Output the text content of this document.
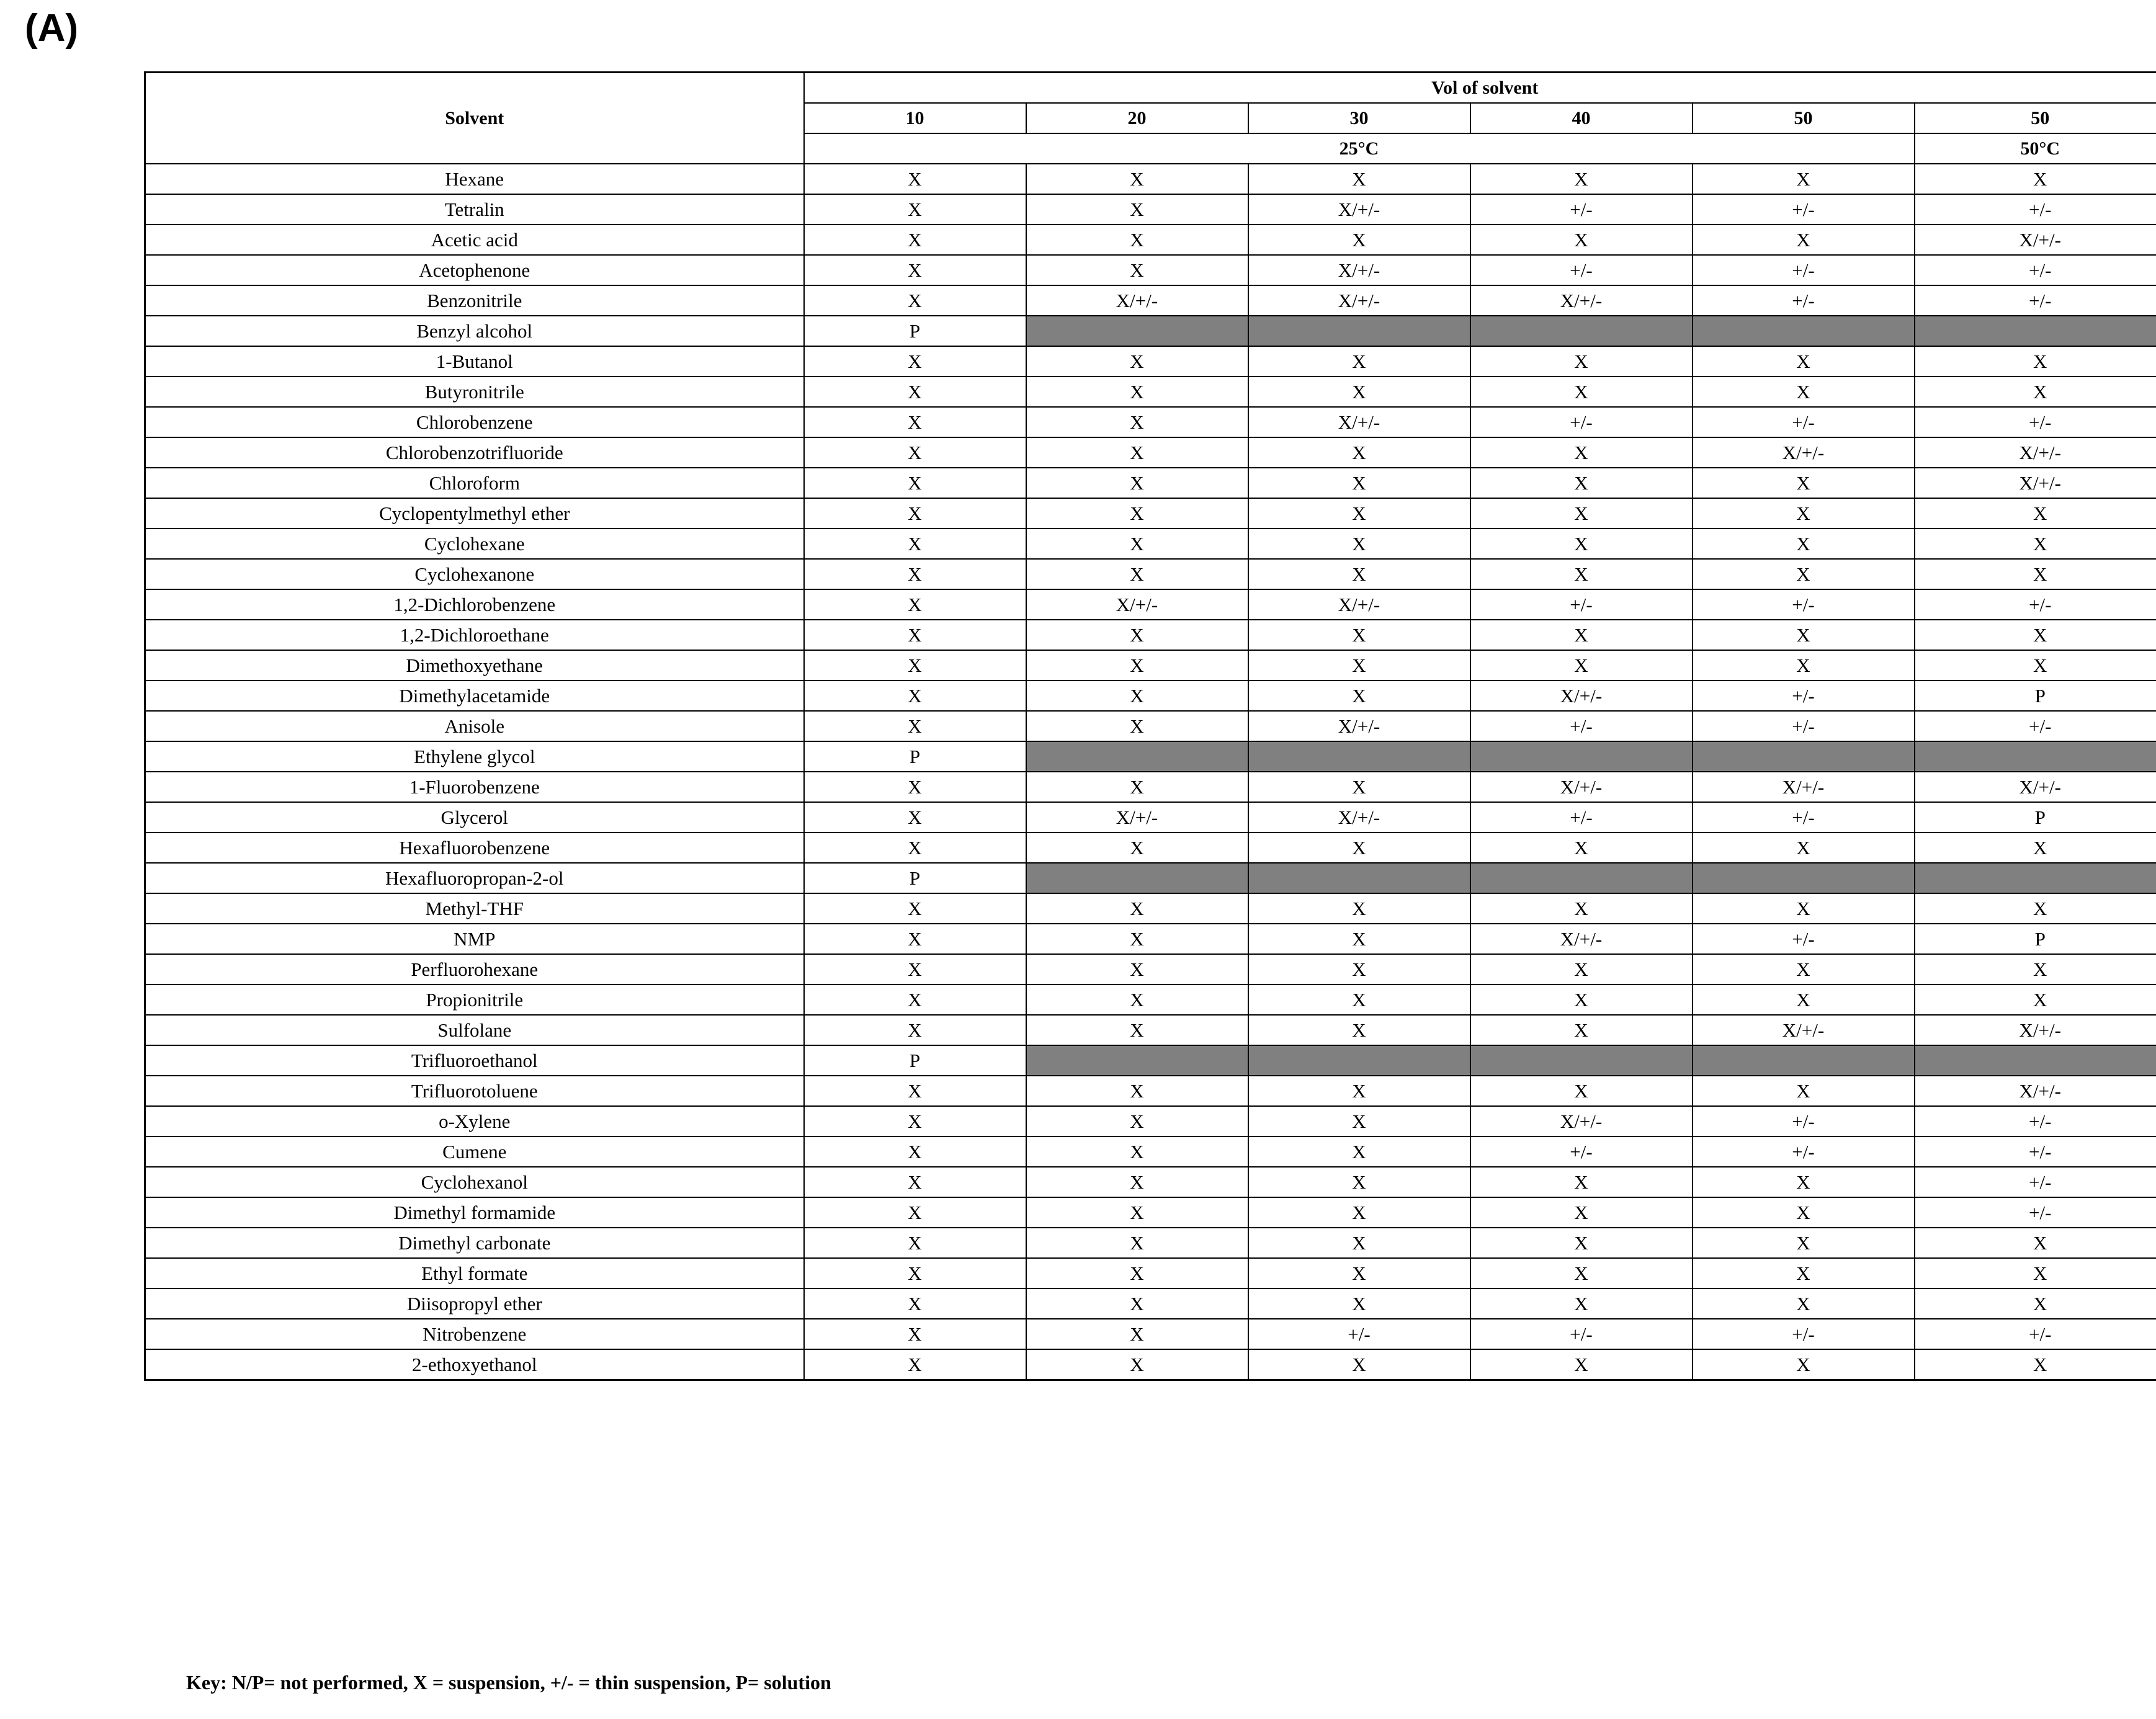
(A)
Solvent	Vol of solvent					
	10	20	30	40	50	50
	25°C					50°C
Hexane	X	X	X	X	X	X
Tetralin	X	X	X/+/-	+/-	+/-	+/-
Acetic acid	X	X	X	X	X	X/+/-
Acetophenone	X	X	X/+/-	+/-	+/-	+/-
Benzonitrile	X	X/+/-	X/+/-	X/+/-	+/-	+/-
Benzyl alcohol	P					
1-Butanol	X	X	X	X	X	X
Butyronitrile	X	X	X	X	X	X
Chlorobenzene	X	X	X/+/-	+/-	+/-	+/-
Chlorobenzotrifluoride	X	X	X	X	X/+/-	X/+/-
Chloroform	X	X	X	X	X	X/+/-
Cyclopentylmethyl ether	X	X	X	X	X	X
Cyclohexane	X	X	X	X	X	X
Cyclohexanone	X	X	X	X	X	X
1,2-Dichlorobenzene	X	X/+/-	X/+/-	+/-	+/-	+/-
1,2-Dichloroethane	X	X	X	X	X	X
Dimethoxyethane	X	X	X	X	X	X
Dimethylacetamide	X	X	X	X/+/-	+/-	P
Anisole	X	X	X/+/-	+/-	+/-	+/-
Ethylene glycol	P					
1-Fluorobenzene	X	X	X	X/+/-	X/+/-	X/+/-
Glycerol	X	X/+/-	X/+/-	+/-	+/-	P
Hexafluorobenzene	X	X	X	X	X	X
Hexafluoropropan-2-ol	P					
Methyl-THF	X	X	X	X	X	X
NMP	X	X	X	X/+/-	+/-	P
Perfluorohexane	X	X	X	X	X	X
Propionitrile	X	X	X	X	X	X
Sulfolane	X	X	X	X	X/+/-	X/+/-
Trifluoroethanol	P					
Trifluorotoluene	X	X	X	X	X	X/+/-
o-Xylene	X	X	X	X/+/-	+/-	+/-
Cumene	X	X	X	+/-	+/-	+/-
Cyclohexanol	X	X	X	X	X	+/-
Dimethyl formamide	X	X	X	X	X	+/-
Dimethyl carbonate	X	X	X	X	X	X
Ethyl formate	X	X	X	X	X	X
Diisopropyl ether	X	X	X	X	X	X
Nitrobenzene	X	X	+/-	+/-	+/-	+/-
2-ethoxyethanol	X	X	X	X	X	X
Key: N/P= not performed, X = suspension, +/- = thin suspension, P= solution
